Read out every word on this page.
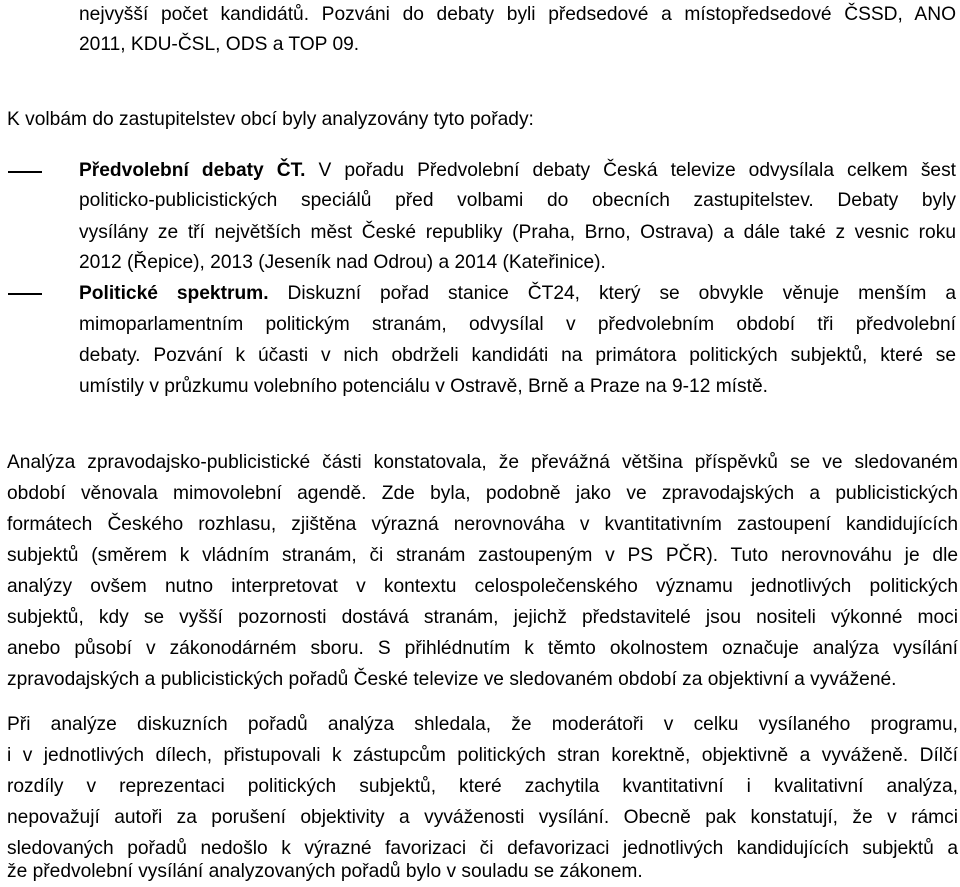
nejvyšší počet kandidátů. Pozváni do debaty byli předsedové a místopředsedové ČSSD, ANO
2011, KDU-ČSL, ODS a TOP 09.
K volbám do zastupitelstev obcí byly analyzovány tyto pořady:
Předvolební debaty ČT. V pořadu Předvolební debaty Česká televize odvysílala celkem šest
politicko-publicistických speciálů před volbami do obecních zastupitelstev. Debaty byly
vysílány ze tří největších měst České republiky (Praha, Brno, Ostrava) a dále také z vesnic roku
2012 (Řepice), 2013 (Jeseník nad Odrou) a 2014 (Kateřinice).
Politické spektrum. Diskuzní pořad stanice ČT24, který se obvykle věnuje menším a
mimoparlamentním politickým stranám, odvysílal v předvolebním období tři předvolební
debaty. Pozvání k účasti v nich obdrželi kandidáti na primátora politických subjektů, které se
umístily v průzkumu volebního potenciálu v Ostravě, Brně a Praze na 9-12 místě.
Analýza zpravodajsko-publicistické části konstatovala, že převážná většina příspěvků se ve sledovaném
období věnovala mimovolební agendě. Zde byla, podobně jako ve zpravodajských a publicistických
formátech Českého rozhlasu, zjištěna výrazná nerovnováha v kvantitativním zastoupení kandidujících
subjektů (směrem k vládním stranám, či stranám zastoupeným v PS PČR). Tuto nerovnováhu je dle
analýzy ovšem nutno interpretovat v kontextu celospolečenského významu jednotlivých politických
subjektů, kdy se vyšší pozornosti dostává stranám, jejichž představitelé jsou nositeli výkonné moci
anebo působí v zákonodárném sboru. S přihlédnutím k těmto okolnostem označuje analýza vysílání
zpravodajských a publicistických pořadů České televize ve sledovaném období za objektivní a vyvážené.
Při analýze diskuzních pořadů analýza shledala, že moderátoři v celku vysílaného programu,
i v jednotlivých dílech, přistupovali k zástupcům politických stran korektně, objektivně a vyváženě. Dílčí
rozdíly v reprezentaci politických subjektů, které zachytila kvantitativní i kvalitativní analýza,
nepovažují autoři za porušení objektivity a vyváženosti vysílání. Obecně pak konstatují, že v rámci
sledovaných pořadů nedošlo k výrazné favorizaci či defavorizaci jednotlivých kandidujících subjektů a
že předvolební vysílání analyzovaných pořadů bylo v souladu se zákonem.
